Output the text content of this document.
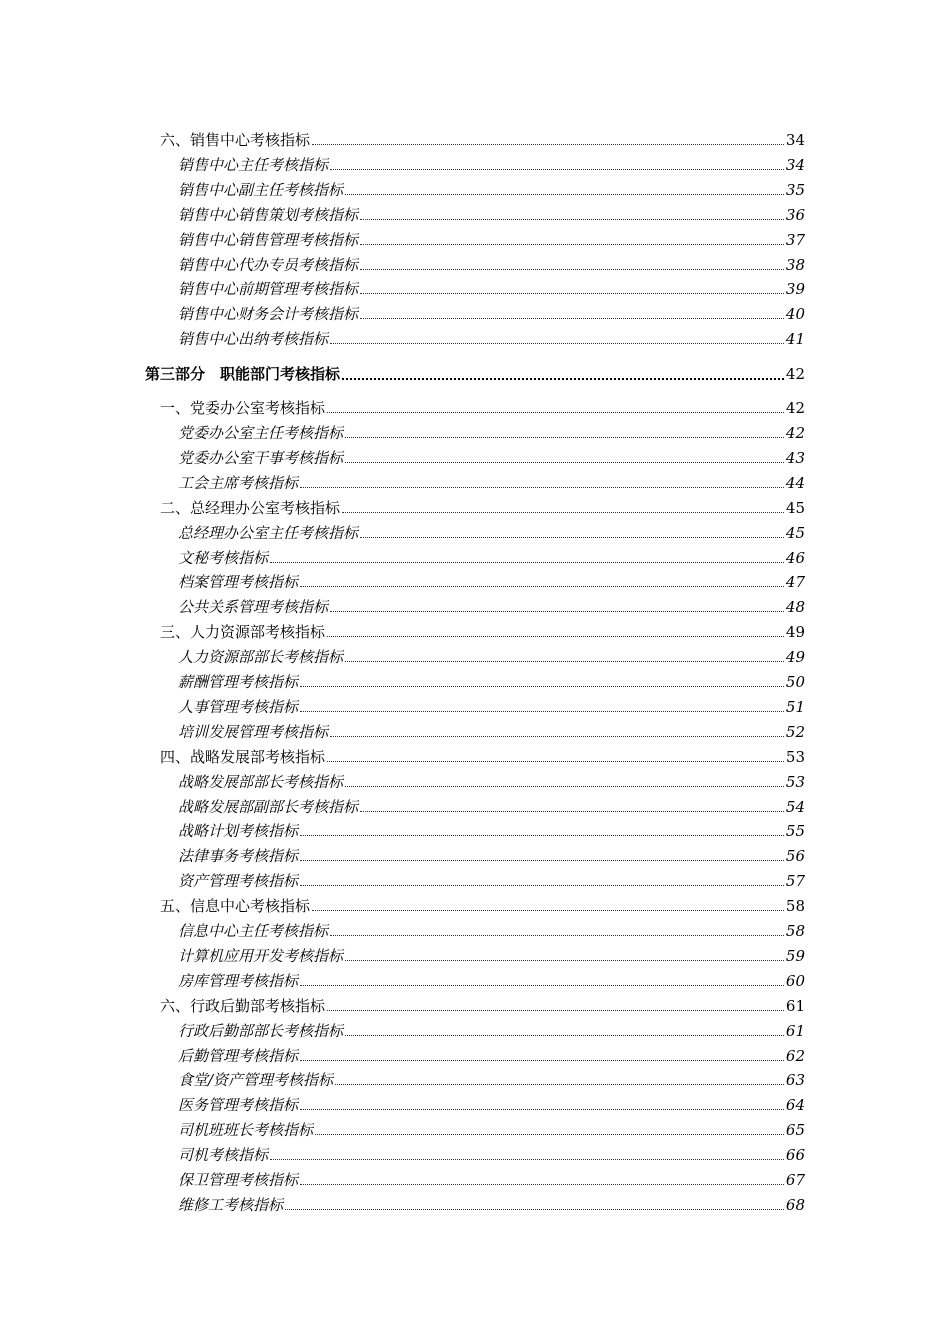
六、销售中心考核指标	34
销售中心主任考核指标	34
销售中心副主任考核指标	35
销售中心销售策划考核指标	36
销售中心销售管理考核指标	37
销售中心代办专员考核指标	38
销售中心前期管理考核指标	39
销售中心财务会计考核指标	40
销售中心出纳考核指标	41
第三部分　职能部门考核指标	42
一、党委办公室考核指标	42
党委办公室主任考核指标	42
党委办公室干事考核指标	43
工会主席考核指标	44
二、总经理办公室考核指标	45
总经理办公室主任考核指标	45
文秘考核指标	46
档案管理考核指标	47
公共关系管理考核指标	48
三、人力资源部考核指标	49
人力资源部部长考核指标	49
薪酬管理考核指标	50
人事管理考核指标	51
培训发展管理考核指标	52
四、战略发展部考核指标	53
战略发展部部长考核指标	53
战略发展部副部长考核指标	54
战略计划考核指标	55
法律事务考核指标	56
资产管理考核指标	57
五、信息中心考核指标	58
信息中心主任考核指标	58
计算机应用开发考核指标	59
房库管理考核指标	60
六、行政后勤部考核指标	61
行政后勤部部长考核指标	61
后勤管理考核指标	62
食堂/资产管理考核指标	63
医务管理考核指标	64
司机班班长考核指标	65
司机考核指标	66
保卫管理考核指标	67
维修工考核指标	68
